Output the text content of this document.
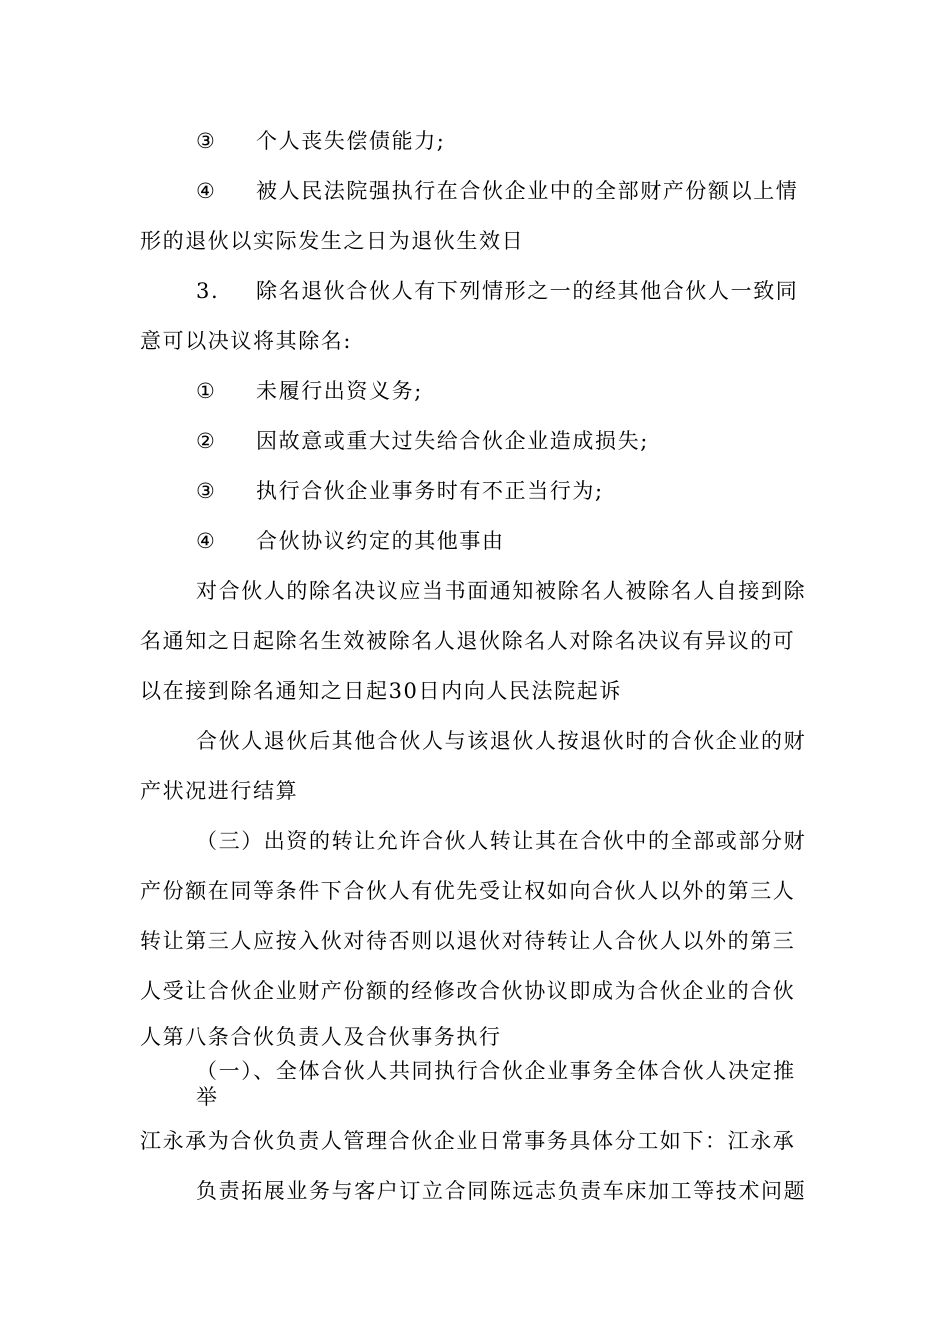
③ 个人丧失偿债能力;
④ 被人民法院强执行在合伙企业中的全部财产份额以上情
形的退伙以实际发生之日为退伙生效日
3. 除名退伙合伙人有下列情形之一的经其他合伙人一致同
意可以决议将其除名:
① 未履行出资义务;
② 因故意或重大过失给合伙企业造成损失;
③ 执行合伙企业事务时有不正当行为;
④ 合伙协议约定的其他事由
对合伙人的除名决议应当书面通知被除名人被除名人自接到除
名通知之日起除名生效被除名人退伙除名人对除名决议有异议的可
以在接到除名通知之日起30日内向人民法院起诉
合伙人退伙后其他合伙人与该退伙人按退伙时的合伙企业的财
产状况进行结算
（三）出资的转让允许合伙人转让其在合伙中的全部或部分财
产份额在同等条件下合伙人有优先受让权如向合伙人以外的第三人
转让第三人应按入伙对待否则以退伙对待转让人合伙人以外的第三
人受让合伙企业财产份额的经修改合伙协议即成为合伙企业的合伙
人第八条合伙负责人及合伙事务执行
（一）、全体合伙人共同执行合伙企业事务全体合伙人决定推
举
江永承为合伙负责人管理合伙企业日常事务具体分工如下：江永承
负责拓展业务与客户订立合同陈远志负责车床加工等技术问题
